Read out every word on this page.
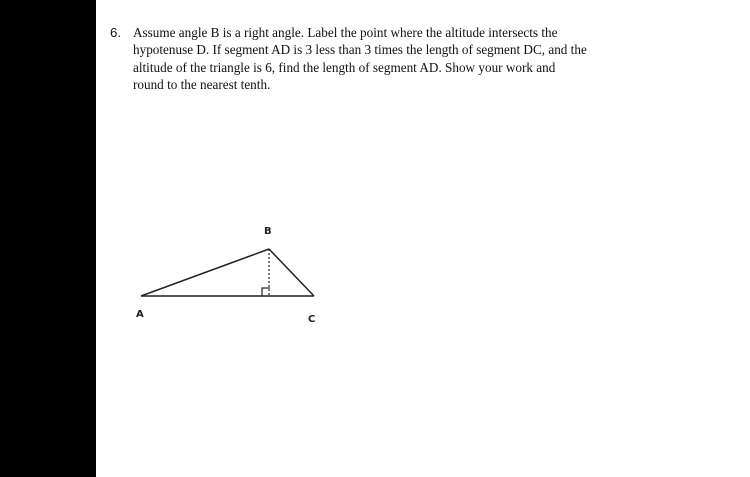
6. Assume angle B is a right angle. Label the point where the altitude intersects the
hypotenuse D. If segment AD is 3 less than 3 times the length of segment DC, and the
altitude of the triangle is 6, find the length of segment AD. Show your work and
round to the nearest tenth.
A
B
C
